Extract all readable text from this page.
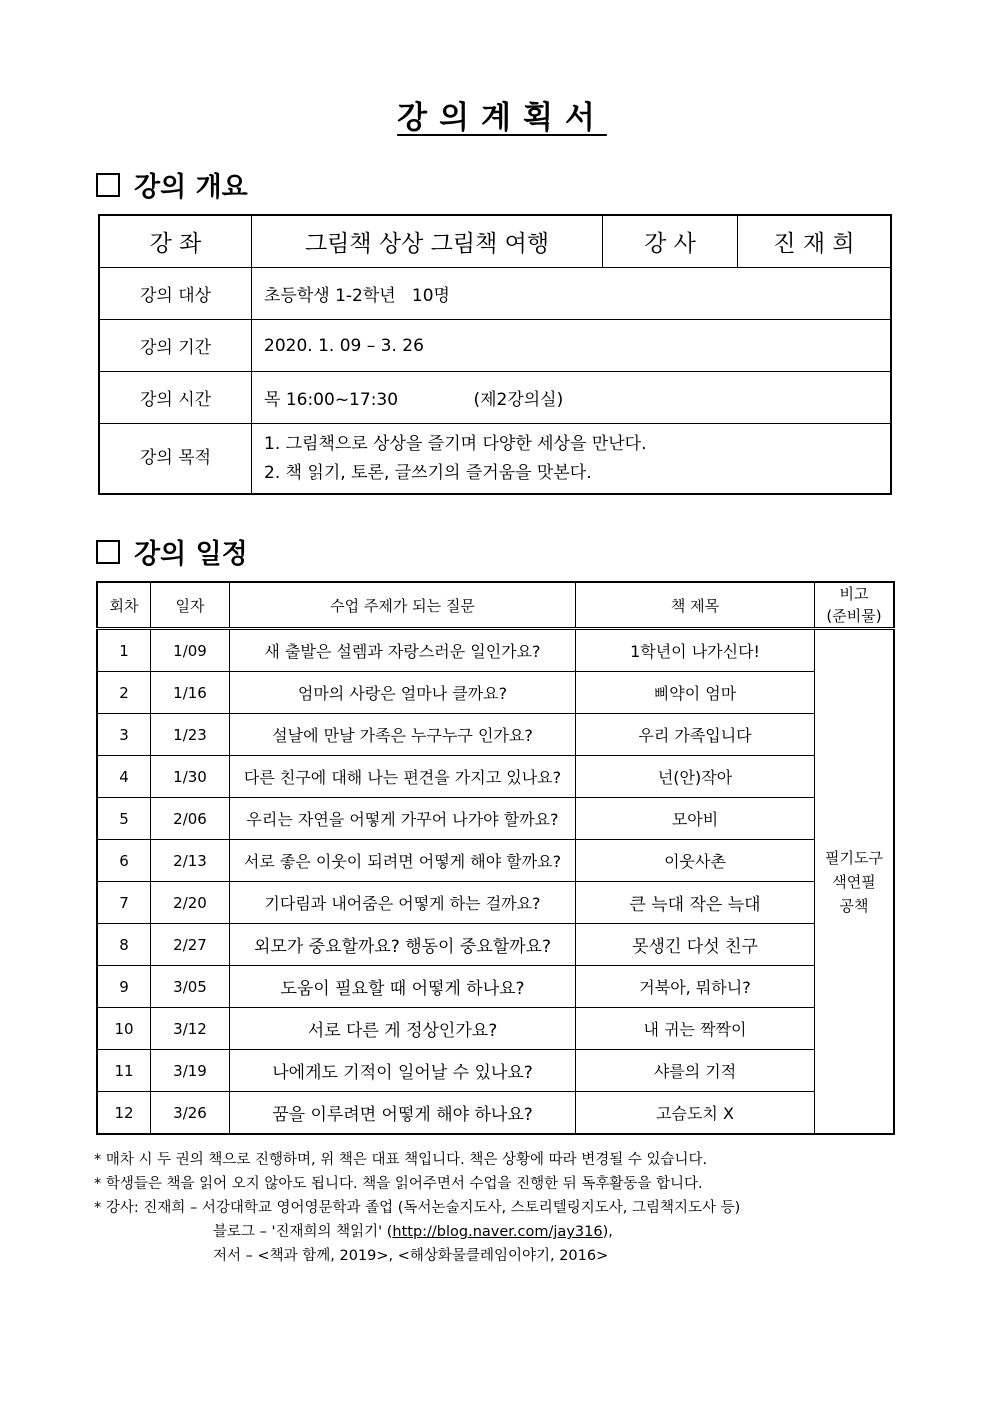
강의계획서
강의 개요
강 좌	그림책 상상 그림책 여행	강 사	진 재 희
강의 대상	초등학생 1-2학년   10명		
강의 기간	2020. 1. 09 – 3. 26		
강의 시간	목 16:00~17:30 (제2강의실)		
강의 목적	1. 그림책으로 상상을 즐기며 다양한 세상을 만난다.
2. 책 읽기, 토론, 글쓰기의 즐거움을 맛본다.		
강의 일정
회차	일자	수업 주제가 되는 질문	책 제목	비고
(준비물)

1	1/09	새 출발은 설렘과 자랑스러운 일인가요?	1학년이 나가신다!	필기도구
색연필
공책

2	1/16	엄마의 사랑은 얼마나 클까요?	삐약이 엄마	
3	1/23	설날에 만날 가족은 누구누구 인가요?	우리 가족입니다	
4	1/30	다른 친구에 대해 나는 편견을 가지고 있나요?	넌(안)작아	
5	2/06	우리는 자연을 어떻게 가꾸어 나가야 할까요?	모아비	
6	2/13	서로 좋은 이웃이 되려면 어떻게 해야 할까요?	이웃사촌	
7	2/20	기다림과 내어줌은 어떻게 하는 걸까요?	큰 늑대 작은 늑대	
8	2/27	외모가 중요할까요? 행동이 중요할까요?	못생긴 다섯 친구	
9	3/05	도움이 필요할 때 어떻게 하나요?	거북아, 뭐하니?	
10	3/12	서로 다른 게 정상인가요?	내 귀는 짝짝이	
11	3/19	나에게도 기적이 일어날 수 있나요?	샤를의 기적	
12	3/26	꿈을 이루려면 어떻게 해야 하나요?	고슴도치 X	
* 매차 시 두 권의 책으로 진행하며, 위 책은 대표 책입니다. 책은 상황에 따라 변경될 수 있습니다.
* 학생들은 책을 읽어 오지 않아도 됩니다. 책을 읽어주면서 수업을 진행한 뒤 독후활동을 합니다.
* 강사: 진재희 – 서강대학교 영어영문학과 졸업 (독서논술지도사, 스토리텔링지도사, 그림책지도사 등)
블로그 – '진재희의 책읽기' (http://blog.naver.com/jay316),
저서 – <책과 함께, 2019>, <해상화물클레임이야기, 2016>
